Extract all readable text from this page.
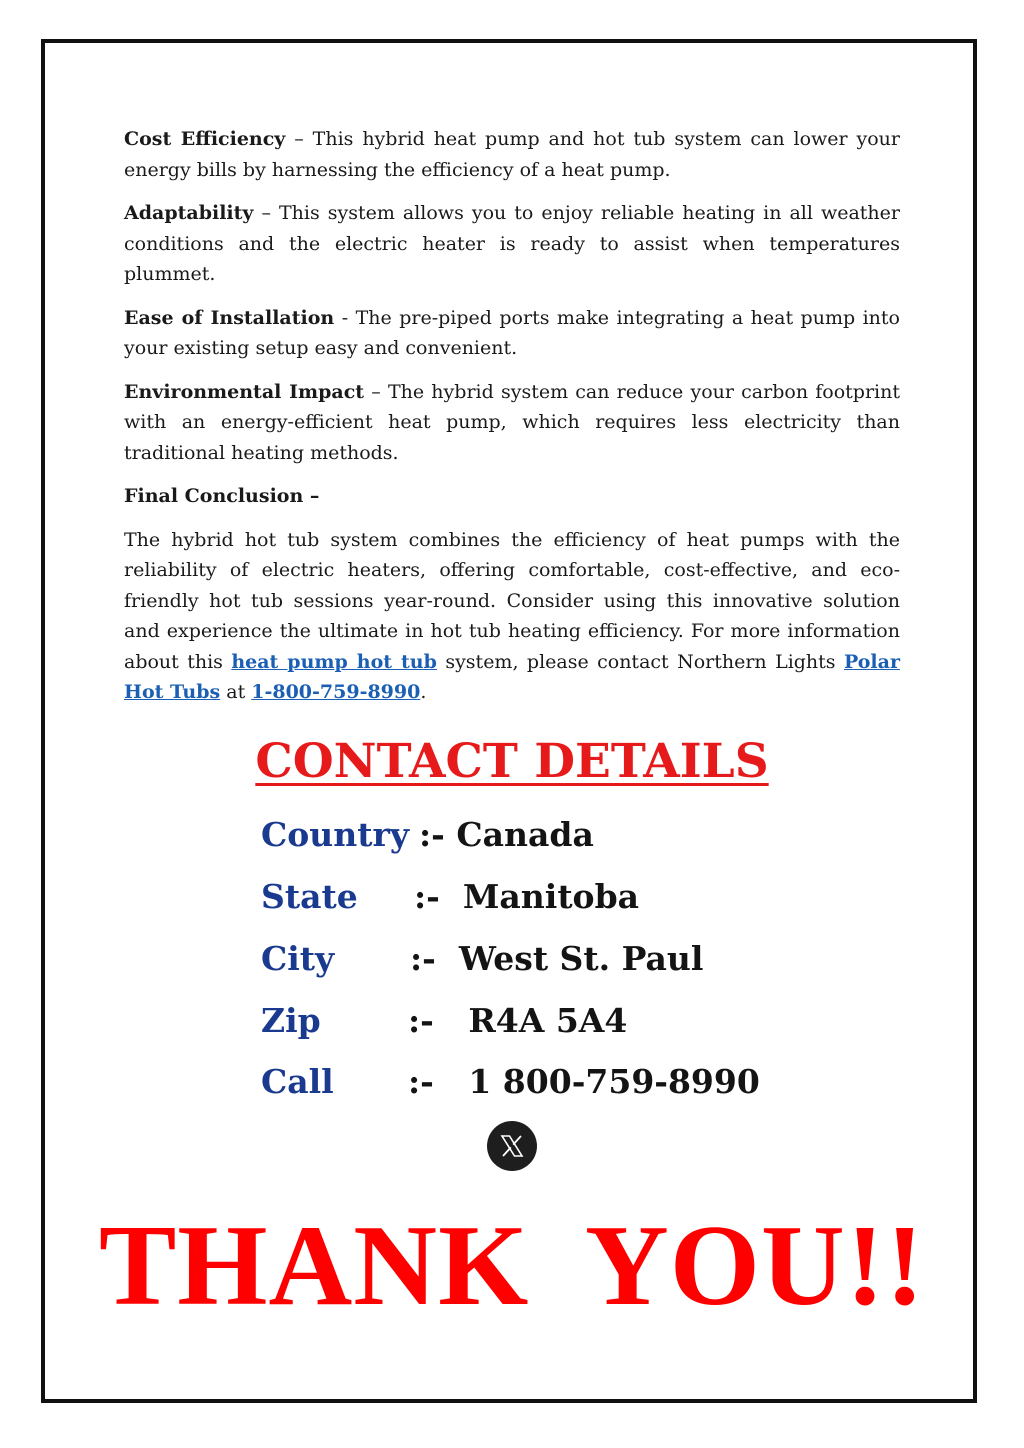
Cost Efficiency – This hybrid heat pump and hot tub system can lower your energy bills by harnessing the efficiency of a heat pump.

Adaptability – This system allows you to enjoy reliable heating in all weather conditions and the electric heater is ready to assist when temperatures plummet.

Ease of Installation - The pre-piped ports make integrating a heat pump into your existing setup easy and convenient.

Environmental Impact – The hybrid system can reduce your carbon footprint with an energy-efficient heat pump, which requires less electricity than traditional heating methods.

Final Conclusion –

The hybrid hot tub system combines the efficiency of heat pumps with the reliability of electric heaters, offering comfortable, cost-effective, and eco-friendly hot tub sessions year-round. Consider using this innovative solution and experience the ultimate in hot tub heating efficiency. For more information about this heat pump hot tub system, please contact Northern Lights Polar Hot Tubs at 1-800-759-8990.

CONTACT DETAILS
Country :- Canada
State :- Manitoba
City :- West St. Paul
Zip	:- R4A 5A4
Call :- 1 800-759-8990
THANK  YOU!!
